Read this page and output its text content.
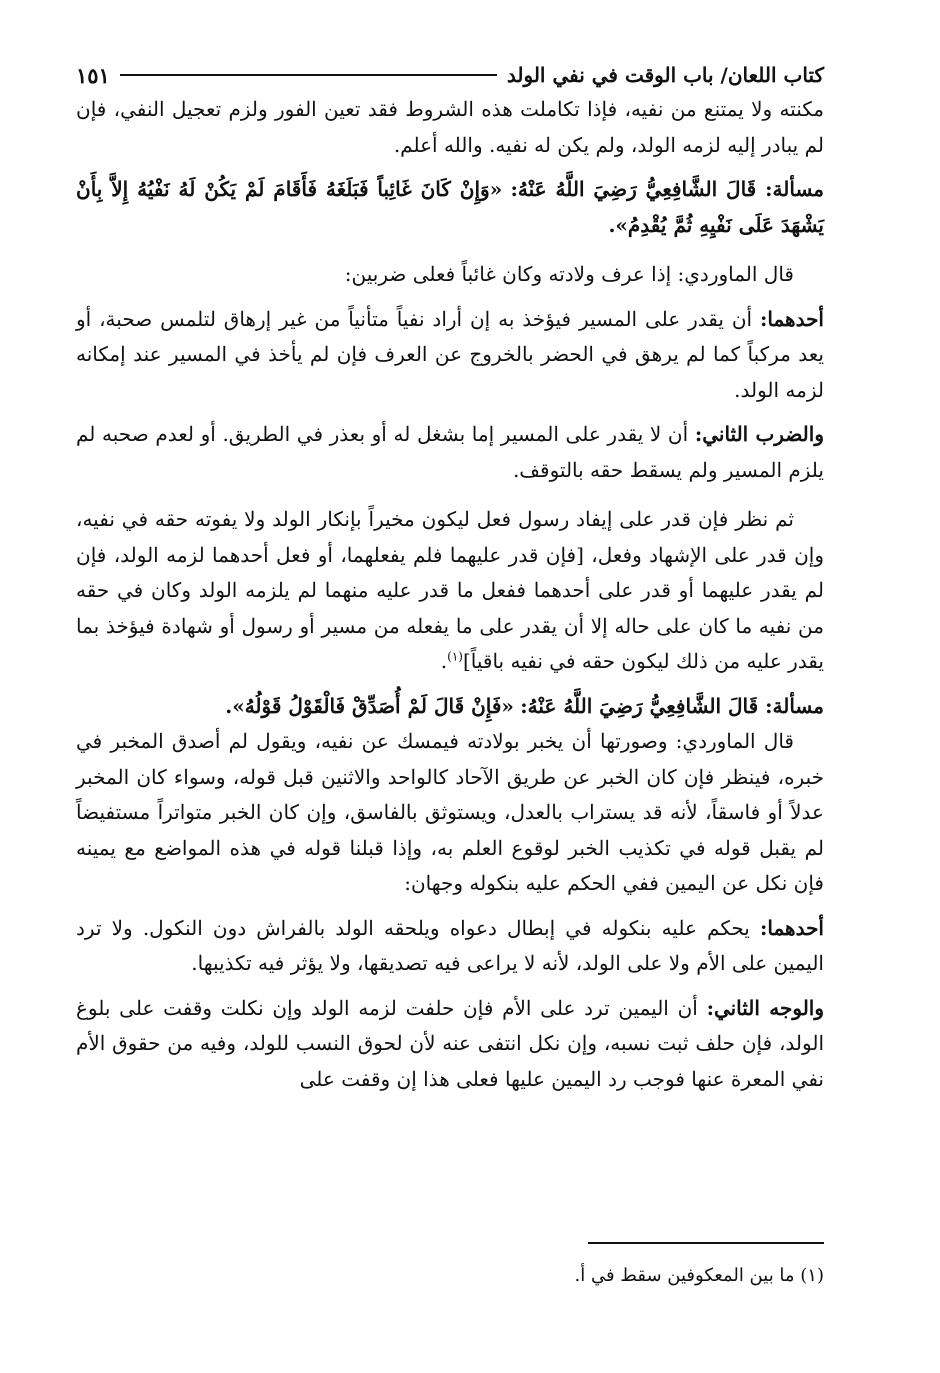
كتاب اللعان/ باب الوقت في نفي الولد
١٥١

مكنته ولا يمتنع من نفيه، فإذا تكاملت هذه الشروط فقد تعين الفور ولزم تعجيل النفي، فإن لم يبادر إليه لزمه الولد، ولم يكن له نفيه. والله أعلم.

مسألة: قَالَ الشَّافِعِيُّ رَضِيَ اللَّهُ عَنْهُ: «وَإِنْ كَانَ غَائِباً فَبَلَغَهُ فَأَقَامَ لَمْ يَكُنْ لَهُ نَفْيُهُ إِلاَّ بِأَنْ يَشْهَدَ عَلَى نَفْيِهِ ثُمَّ يُقْدِمُ».

قال الماوردي: إذا عرف ولادته وكان غائباً فعلى ضربين:

أحدهما: أن يقدر على المسير فيؤخذ به إن أراد نفياً متأنياً من غير إرهاق لتلمس صحبة، أو يعد مركباً كما لم يرهق في الحضر بالخروج عن العرف فإن لم يأخذ في المسير عند إمكانه لزمه الولد.

والضرب الثاني: أن لا يقدر على المسير إما بشغل له أو بعذر في الطريق. أو لعدم صحبه لم يلزم المسير ولم يسقط حقه بالتوقف.

ثم نظر فإن قدر على إيفاد رسول فعل ليكون مخيراً بإنكار الولد ولا يفوته حقه في نفيه، وإن قدر على الإشهاد وفعل، [فإن قدر عليهما فلم يفعلهما، أو فعل أحدهما لزمه الولد، فإن لم يقدر عليهما أو قدر على أحدهما ففعل ما قدر عليه منهما لم يلزمه الولد وكان في حقه من نفيه ما كان على حاله إلا أن يقدر على ما يفعله من مسير أو رسول أو شهادة فيؤخذ بما يقدر عليه من ذلك ليكون حقه في نفيه باقياً]$^{(١)}$.

مسألة: قَالَ الشَّافِعِيُّ رَضِيَ اللَّهُ عَنْهُ: «فَإِنْ قَالَ لَمْ أُصَدِّقْ فَالْقَوْلُ قَوْلُهُ».

قال الماوردي: وصورتها أن يخبر بولادته فيمسك عن نفيه، ويقول لم أصدق المخبر في خبره، فينظر فإن كان الخبر عن طريق الآحاد كالواحد والاثنين قبل قوله، وسواء كان المخبر عدلاً أو فاسقاً، لأنه قد يستراب بالعدل، ويستوثق بالفاسق، وإن كان الخبر متواتراً مستفيضاً لم يقبل قوله في تكذيب الخبر لوقوع العلم به، وإذا قبلنا قوله في هذه المواضع مع يمينه فإن نكل عن اليمين ففي الحكم عليه بنكوله وجهان:

أحدهما: يحكم عليه بنكوله في إبطال دعواه ويلحقه الولد بالفراش دون النكول. ولا ترد اليمين على الأم ولا على الولد، لأنه لا يراعى فيه تصديقها، ولا يؤثر فيه تكذيبها.

والوجه الثاني: أن اليمين ترد على الأم فإن حلفت لزمه الولد وإن نكلت وقفت على بلوغ الولد، فإن حلف ثبت نسبه، وإن نكل انتفى عنه لأن لحوق النسب للولد، وفيه من حقوق الأم نفي المعرة عنها فوجب رد اليمين عليها فعلى هذا إن وقفت على

(١) ما بين المعكوفين سقط في أ.
